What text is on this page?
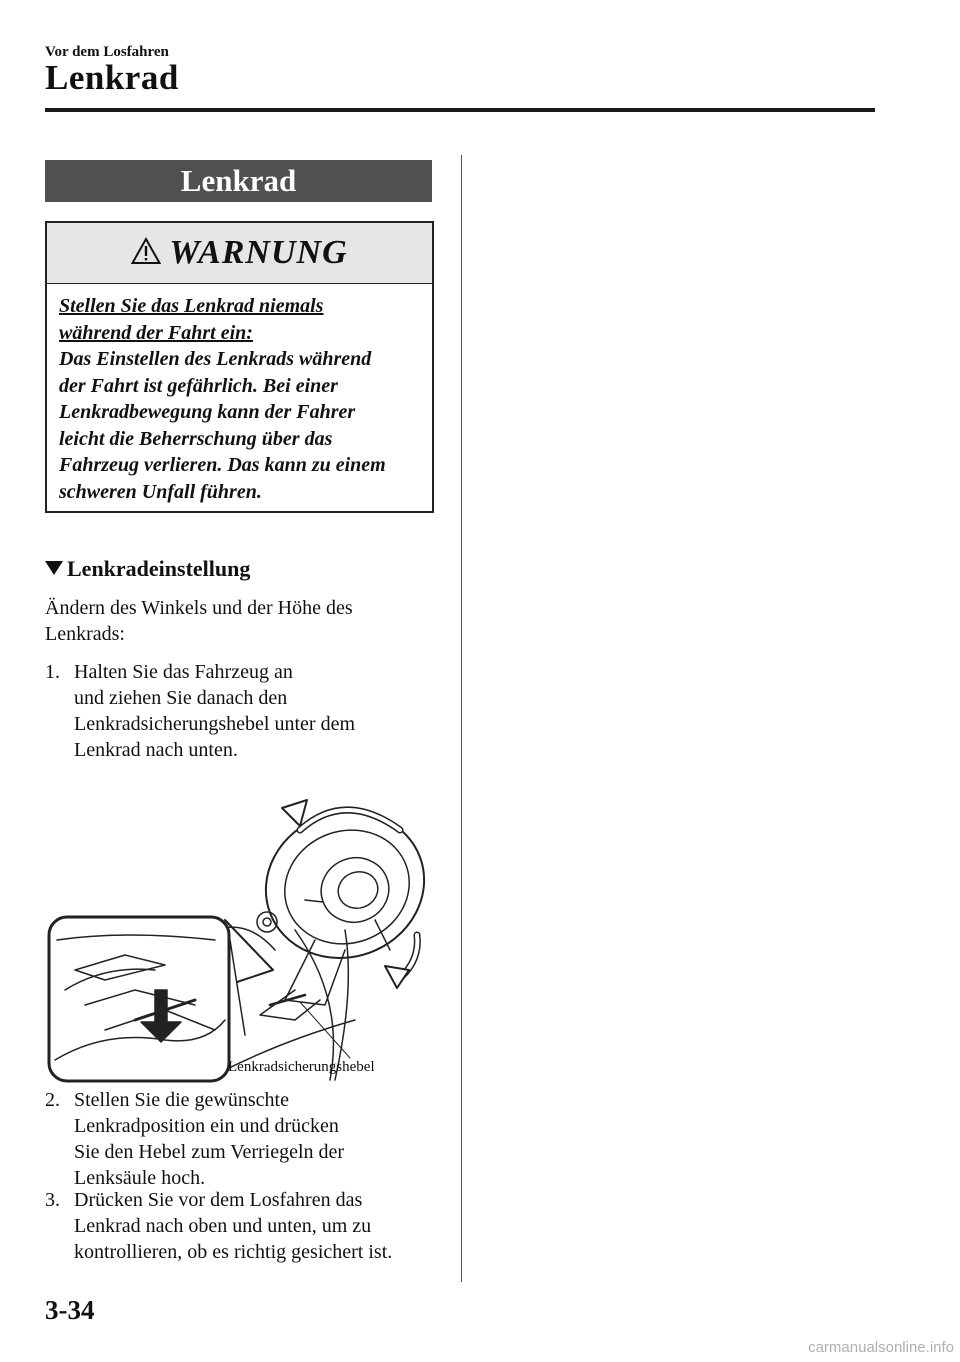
Vor dem Losfahren
Lenkrad
Lenkrad
WARNUNG
Stellen Sie das Lenkrad niemals
während der Fahrt ein:
Das Einstellen des Lenkrads während
der Fahrt ist gefährlich. Bei einer
Lenkradbewegung kann der Fahrer
leicht die Beherrschung über das
Fahrzeug verlieren. Das kann zu einem
schweren Unfall führen.
Lenkradeinstellung
Ändern des Winkels und der Höhe des
Lenkrads:
1. Halten Sie das Fahrzeug an
und ziehen Sie danach den
Lenkradsicherungshebel unter dem
Lenkrad nach unten.
Lenkradsicherungshebel
2. Stellen Sie die gewünschte
Lenkradposition ein und drücken
Sie den Hebel zum Verriegeln der
Lenksäule hoch.
3. Drücken Sie vor dem Losfahren das
Lenkrad nach oben und unten, um zu
kontrollieren, ob es richtig gesichert ist.
3-34
carmanualsonline.info
